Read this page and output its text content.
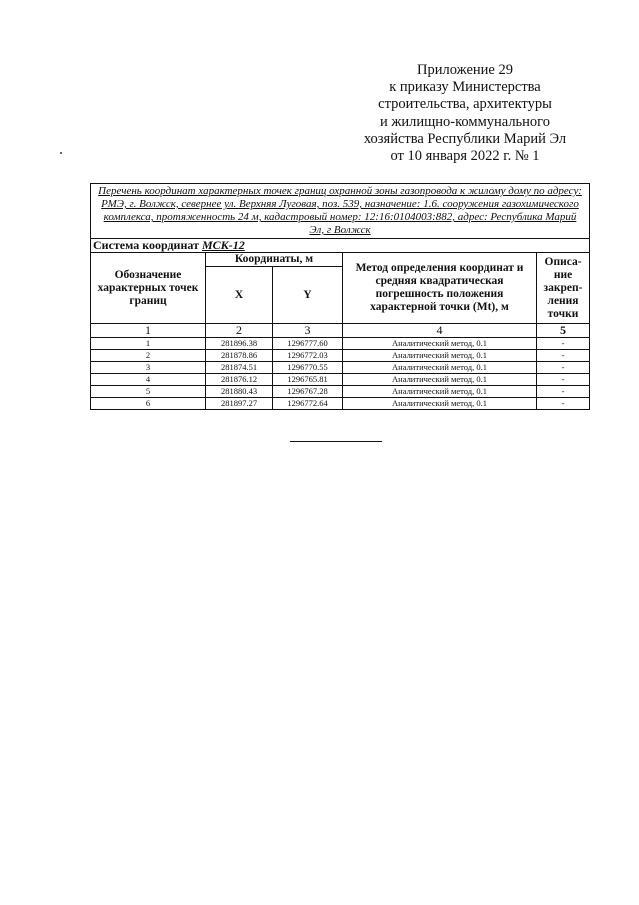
Приложение 29
к приказу Министерства
строительства, архитектуры
и жилищно-коммунального
хозяйства Республики Марий Эл
от 10 января 2022 г. № 1
Перечень координат характерных точек границ охранной зоны газопровода к жилому дому по адресу: РМЭ, г. Волжск, севернее ул. Верхняя Луговая, поз. 539, назначение: 1.6. сооружения газохимического комплекса, протяженность 24 м, кадастровый номер: 12:16:0104003:882, адрес: Республика Марий Эл, г Волжск				
Система координат МСК-12				
Обозначение характерных точек границ	Координаты, м		Метод определения координат и средняя квадратическая погрешность положения характерной точки (Mt), м	Описа-ние закреп-ления точки
	X	Y		
1	2	3	4	5
1	281896.38	1296777.60	Аналитический метод, 0.1	-
2	281878.86	1296772.03	Аналитический метод, 0.1	-
3	281874.51	1296770.55	Аналитический метод, 0.1	-
4	281876.12	1296765.81	Аналитический метод, 0.1	-
5	281880.43	1296767.28	Аналитический метод, 0.1	-
6	281897.27	1296772.64	Аналитический метод, 0.1	-
